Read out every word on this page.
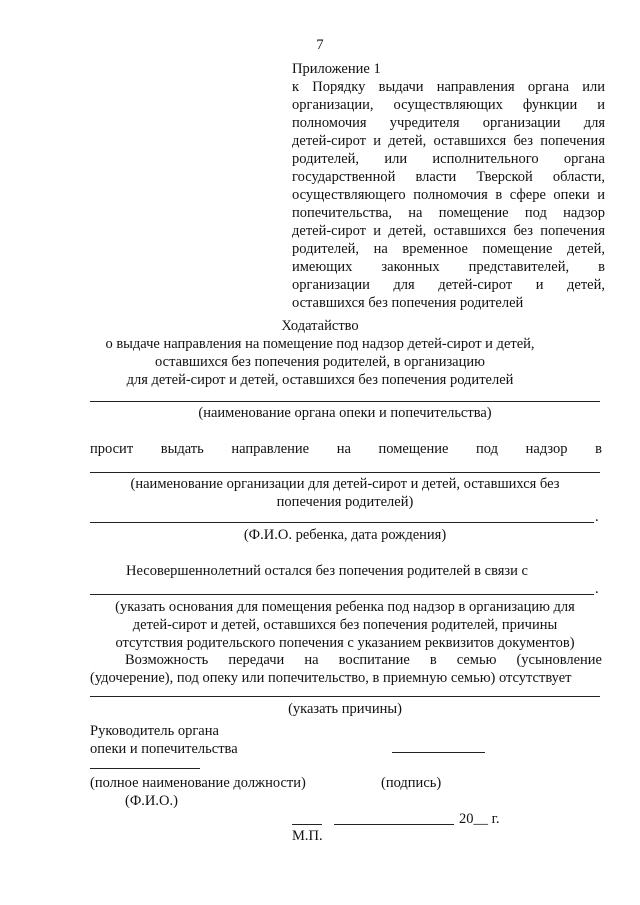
7
Приложение 1
к Порядку выдачи направления органа или
организации, осуществляющих функции и
полномочия учредителя организации для
детей-сирот и детей, оставшихся без попечения
родителей, или исполнительного органа
государственной власти Тверской области,
осуществляющего полномочия в сфере опеки и
попечительства, на помещение под надзор
детей-сирот и детей, оставшихся без попечения
родителей, на временное помещение детей,
имеющих законных представителей, в
организации для детей-сирот и детей,
оставшихся без попечения родителей
Ходатайство
о выдаче направления на помещение под надзор детей-сирот и детей,
оставшихся без попечения родителей, в организацию
для детей-сирот и детей, оставшихся без попечения родителей
(наименование органа опеки и попечительства)
просит выдать направление на помещение под надзор в
(наименование организации для детей-сирот и детей, оставшихся без
попечения родителей)
.
(Ф.И.О. ребенка, дата рождения)
Несовершеннолетний остался без попечения родителей в связи с
.
(указать основания для помещения ребенка под надзор в организацию для
детей-сирот и детей, оставшихся без попечения родителей, причины
отсутствия родительского попечения с указанием реквизитов документов)
Возможность передачи на воспитание в семью (усыновление
(удочерение), под опеку или попечительство, в приемную семью) отсутствует
(указать причины)
Руководитель органа
опеки и попечительства
(полное наименование должности)	(подпись)
(Ф.И.О.)
20__ г.
М.П.
